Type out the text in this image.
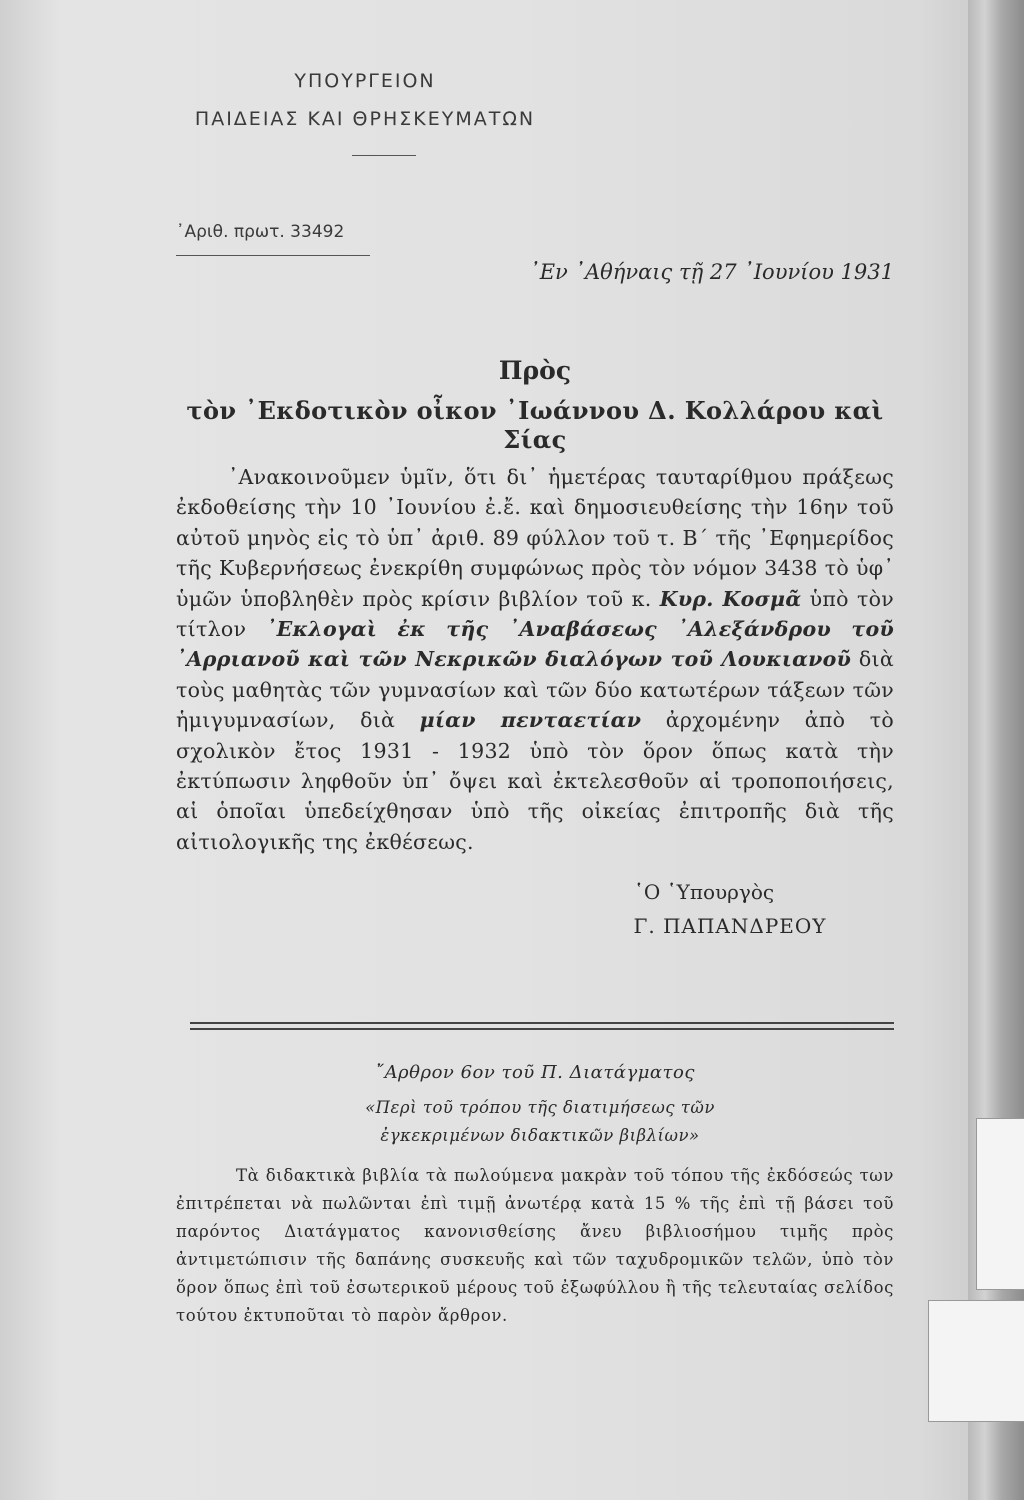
ΥΠΟΥΡΓΕΙΟΝ
ΠΑΙΔΕΙΑΣ ΚΑΙ ΘΡΗΣΚΕΥΜΑΤΩΝ
᾿Αριθ. πρωτ. 33492
᾿Εν ᾿Αθήναις τῇ 27 ᾿Ιουνίου 1931
Πρὸς
τὸν ᾿Εκδοτικὸν οἶκον ᾿Ιωάννου Δ. Κολλάρου καὶ Σίας
᾿Ανακοινοῦμεν ὑμῖν, ὅτι δι᾿ ἡμετέρας ταυταρίθμου πράξεως ἐκδοθείσης τὴν 10 ᾿Ιουνίου ἐ.ἔ. καὶ δημοσιευθείσης τὴν 16ην τοῦ αὐτοῦ μηνὸς εἰς τὸ ὑπ᾿ ἀριθ. 89 φύλλον τοῦ τ. Β΄ τῆς ᾿Εφημερίδος τῆς Κυβερνήσεως ἐνεκρίθη συμφώνως πρὸς τὸν νόμον 3438 τὸ ὑφ᾿ ὑμῶν ὑποβληθὲν πρὸς κρίσιν βιβλίον τοῦ κ. Κυρ. Κοσμᾶ ὑπὸ τὸν τίτλον ᾿Εκλογαὶ ἐκ τῆς ᾿Αναβάσεως ᾿Αλεξάνδρου τοῦ ᾿Αρριανοῦ καὶ τῶν Νεκρικῶν διαλόγων τοῦ Λουκιανοῦ διὰ τοὺς μαθητὰς τῶν γυμνασίων καὶ τῶν δύο κατωτέρων τάξεων τῶν ἡμιγυμνασίων, διὰ μίαν πενταετίαν ἀρχομένην ἀπὸ τὸ σχολικὸν ἔτος 1931 - 1932 ὑπὸ τὸν ὅρον ὅπως κατὰ τὴν ἐκτύπωσιν ληφθοῦν ὑπ᾿ ὄψει καὶ ἐκτελεσθοῦν αἱ τροποποιήσεις, αἱ ὁποῖαι ὑπεδείχθησαν ὑπὸ τῆς οἰκείας ἐπιτροπῆς διὰ τῆς αἰτιολογικῆς της ἐκθέσεως.
῾Ο ῾Υπουργὸς
Γ. ΠΑΠΑΝΔΡΕΟΥ
῎Αρθρον 6ον τοῦ Π. Διατάγματος
«Περὶ τοῦ τρόπου τῆς διατιμήσεως τῶν ἐγκεκριμένων διδακτικῶν βιβλίων»
Τὰ διδακτικὰ βιβλία τὰ πωλούμενα μακρὰν τοῦ τόπου τῆς ἐκδόσεώς των ἐπιτρέπεται νὰ πωλῶνται ἐπὶ τιμῇ ἀνωτέρᾳ κατὰ 15 % τῆς ἐπὶ τῇ βάσει τοῦ παρόντος Διατάγματος κανονισθείσης ἄνευ βιβλιοσήμου τιμῆς πρὸς ἀντιμετώπισιν τῆς δαπάνης συσκευῆς καὶ τῶν ταχυδρομικῶν τελῶν, ὑπὸ τὸν ὅρον ὅπως ἐπὶ τοῦ ἐσωτερικοῦ μέρους τοῦ ἐξωφύλλου ἢ τῆς τελευταίας σελίδος τούτου ἐκτυποῦται τὸ παρὸν ἄρθρον.
